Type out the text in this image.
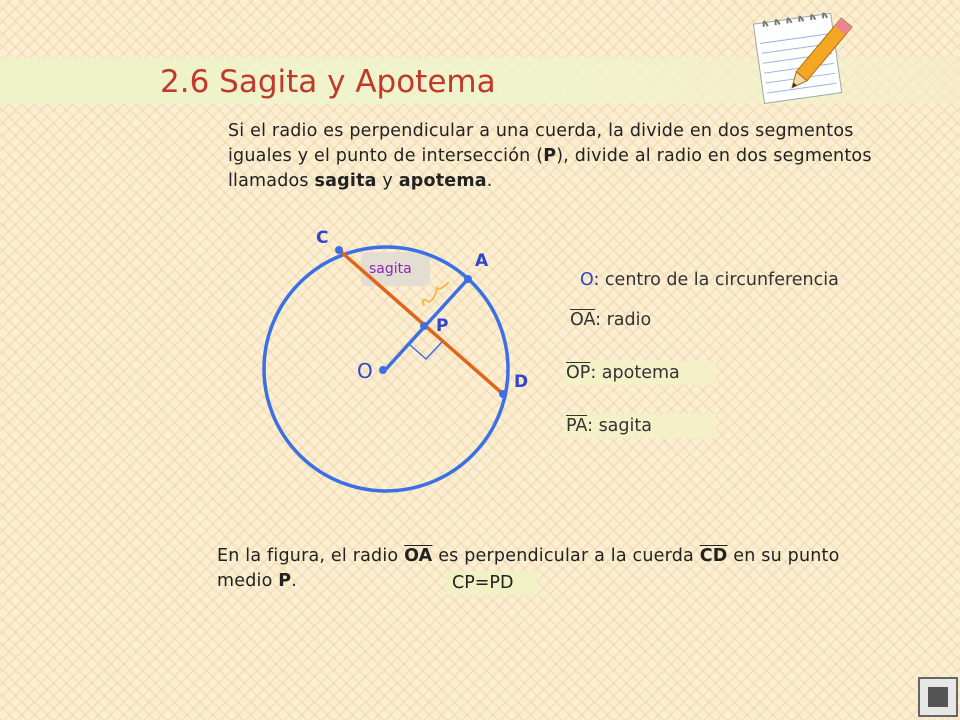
2.6 Sagita y Apotema
Si el radio es perpendicular a una cuerda, la divide en dos segmentos iguales y el punto de intersección (P), divide al radio en dos segmentos llamados sagita y apotema.
sagita
C
A
P
O	D
O: centro de la circunferencia
$\overline{OA}$: radio
$\overline{OP}$: apotema
$\overline{PA}$: sagita
En la figura, el radio $\overline{OA}$ es perpendicular a la cuerda $\overline{CD}$ en su punto medio P.	CP=PD
